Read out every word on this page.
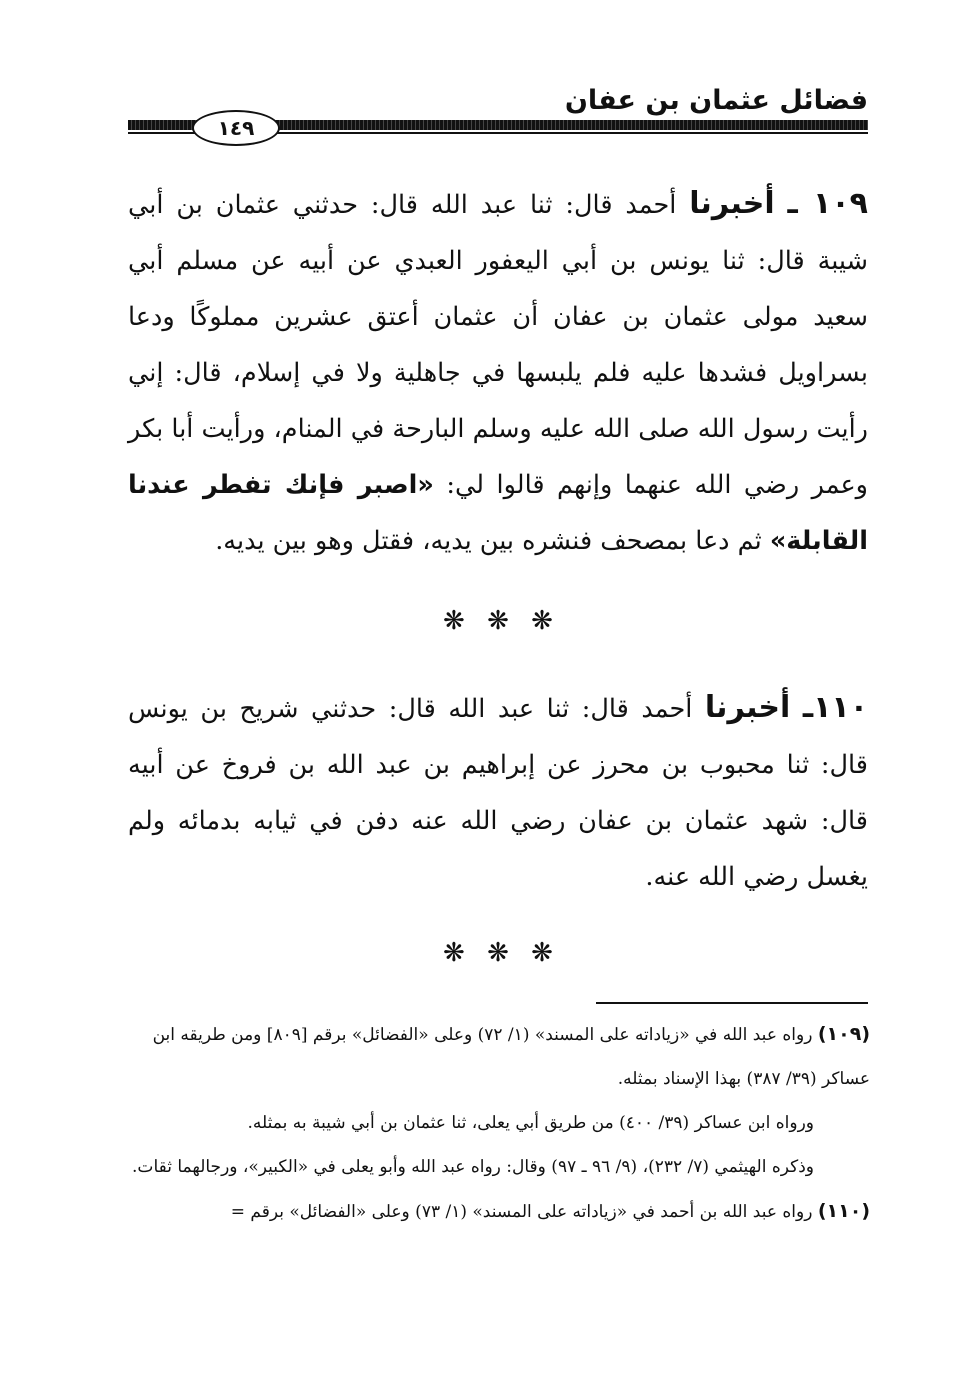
فضائل عثمان بن عفان
١٤٩

١٠٩ ـ أخبرنا أحمد قال: ثنا عبد الله قال: حدثني عثمان بن أبي شيبة قال: ثنا يونس بن أبي اليعفور العبدي عن أبيه عن مسلم أبي سعيد مولى عثمان بن عفان أن عثمان أعتق عشرين مملوكًا ودعا بسراويل فشدها عليه فلم يلبسها في جاهلية ولا في إسلام، قال: إني رأيت رسول الله صلى الله عليه وسلم البارحة في المنام، ورأيت أبا بكر وعمر رضي الله عنهما وإنهم قالوا لي: «اصبر فإنك تفطر عندنا القابلة» ثم دعا بمصحف فنشره بين يديه، فقتل وهو بين يديه.

❋ ❋ ❋

١١٠ـ أخبرنا أحمد قال: ثنا عبد الله قال: حدثني شريح بن يونس قال: ثنا محبوب بن محرز عن إبراهيم بن عبد الله بن فروخ عن أبيه قال: شهد عثمان بن عفان رضي الله عنه دفن في ثيابه بدمائه ولم يغسل رضي الله عنه.

❋ ❋ ❋

(١٠٩) رواه عبد الله في «زياداته على المسند» (١/ ٧٢) وعلى «الفضائل» برقم [٨٠٩] ومن طريقه ابن عساكر (٣٩/ ٣٨٧) بهذا الإسناد بمثله.

ورواه ابن عساكر (٣٩/ ٤٠٠) من طريق أبي يعلى، ثنا عثمان بن أبي شيبة به بمثله.

وذكره الهيثمي (٧/ ٢٣٢)، (٩/ ٩٦ ـ ٩٧) وقال: رواه عبد الله وأبو يعلى في «الكبير»، ورجالهما ثقات.

(١١٠) رواه عبد الله بن أحمد في «زياداته على المسند» (١/ ٧٣) وعلى «الفضائل» برقم =
